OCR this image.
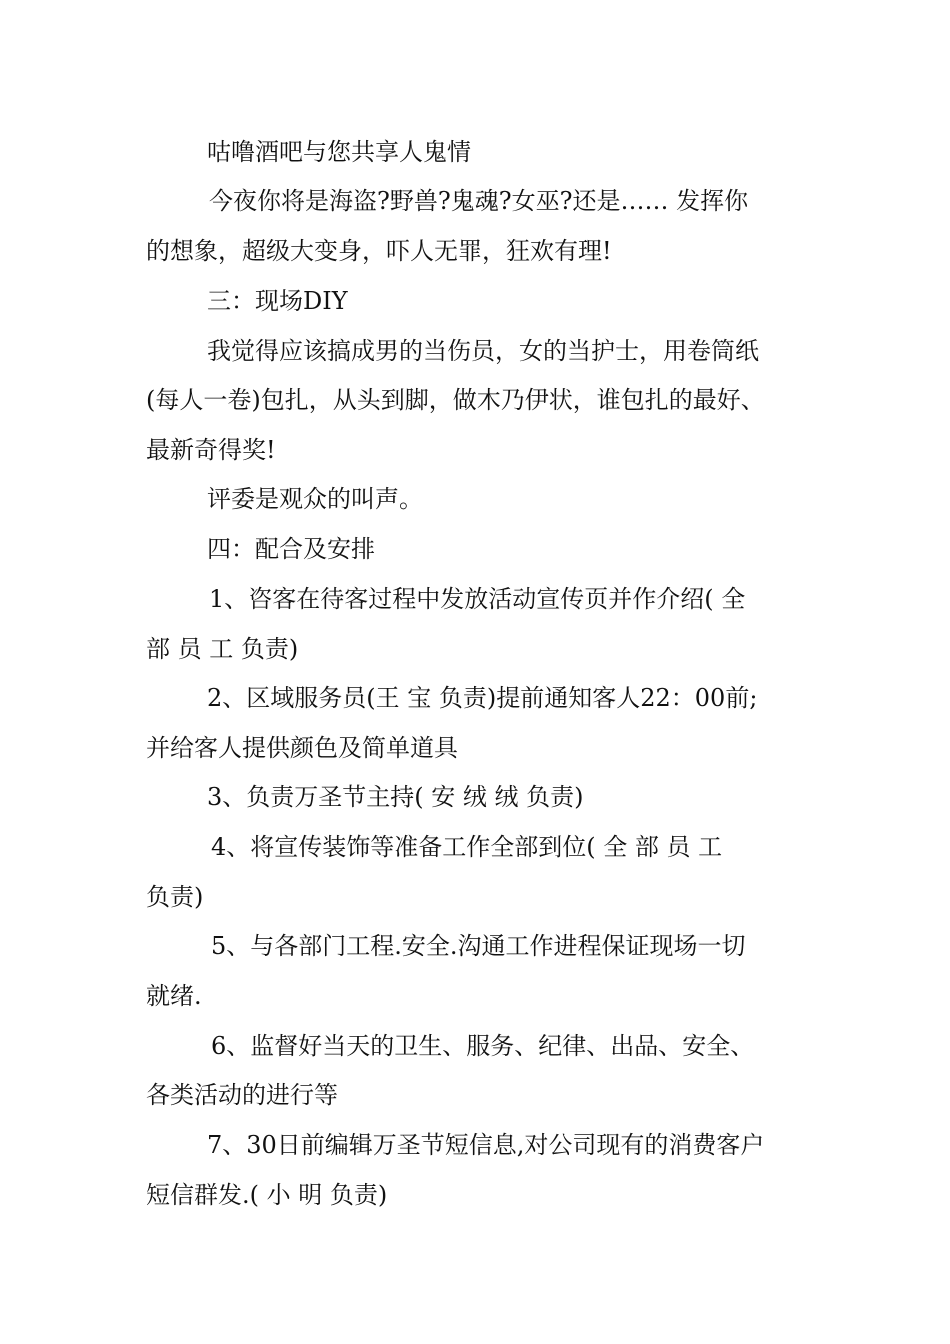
咕噜酒吧与您共享人鬼情
今夜你将是海盗?野兽?鬼魂?女巫?还是…… 发挥你
的想象，超级大变身，吓人无罪，狂欢有理!
三：现场DIY
我觉得应该搞成男的当伤员，女的当护士，用卷筒纸
(每人一卷)包扎，从头到脚，做木乃伊状，谁包扎的最好、
最新奇得奖!
评委是观众的叫声。
四：配合及安排
1、咨客在待客过程中发放活动宣传页并作介绍( 全
部 员 工 负责)
2、区域服务员(王 宝 负责)提前通知客人22：00前;
并给客人提供颜色及简单道具
3、负责万圣节主持( 安 绒 绒 负责)
4、将宣传装饰等准备工作全部到位( 全 部 员 工
负责)
5、与各部门工程.安全.沟通工作进程保证现场一切
就绪.
6、监督好当天的卫生、服务、纪律、出品、安全、
各类活动的进行等
7、30日前编辑万圣节短信息,对公司现有的消费客户
短信群发.( 小 明 负责)
